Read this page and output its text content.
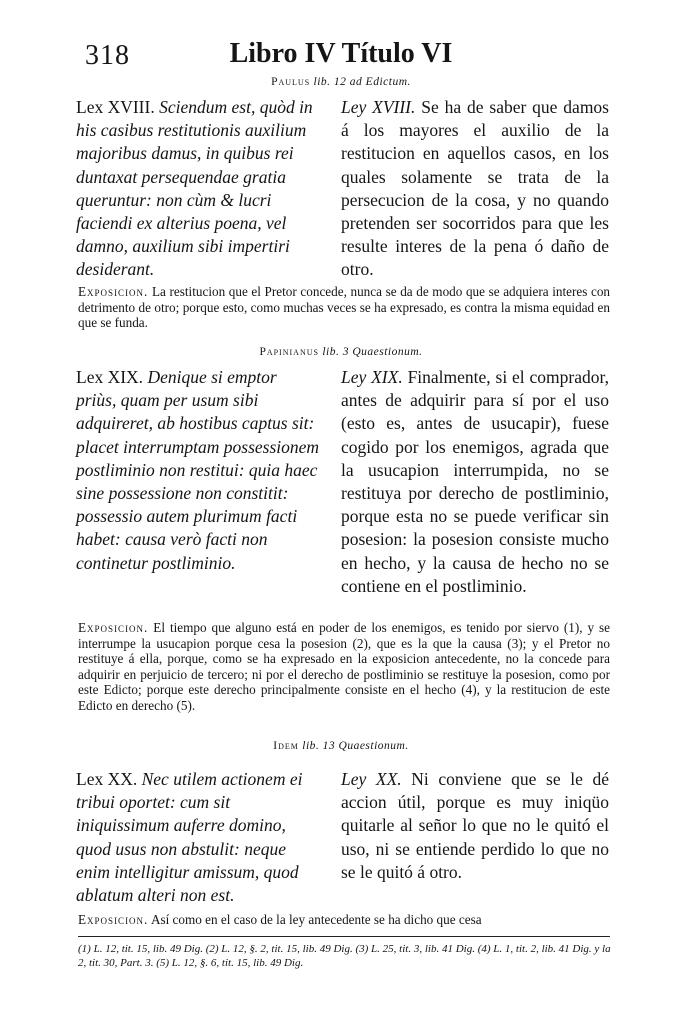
318	Libro IV Título VI
Paulus lib. 12 ad Edictum.

Lex XVIII. Sciendum est, quòd in his casibus restitutionis auxilium majoribus damus, in quibus rei duntaxat persequendae gratia queruntur: non cùm & lucri faciendi ex alterius poena, vel damno, auxilium sibi impertiri desiderant.

Ley XVIII. Se ha de saber que damos á los mayores el auxilio de la restitucion en aquellos casos, en los quales solamente se trata de la persecucion de la cosa, y no quando pretenden ser socorridos para que les resulte interes de la pena ó daño de otro.

Exposicion. La restitucion que el Pretor concede, nunca se da de modo que se adquiera interes con detrimento de otro; porque esto, como muchas veces se ha expresado, es contra la misma equidad en que se funda.

Papinianus lib. 3 Quaestionum.

Lex XIX. Denique si emptor priùs, quam per usum sibi adquireret, ab hostibus captus sit: placet interrumptam possessionem postliminio non restitui: quia haec sine possessione non constitit: possessio autem plurimum facti habet: causa verò facti non continetur postliminio.

Ley XIX. Finalmente, si el comprador, antes de adquirir para sí por el uso (esto es, antes de usucapir), fuese cogido por los enemigos, agrada que la usucapion interrumpida, no se restituya por derecho de postliminio, porque esta no se puede verificar sin posesion: la posesion consiste mucho en hecho, y la causa de hecho no se contiene en el postliminio.

Exposicion. El tiempo que alguno está en poder de los enemigos, es tenido por siervo (1), y se interrumpe la usucapion porque cesa la posesion (2), que es la que la causa (3); y el Pretor no restituye á ella, porque, como se ha expresado en la exposicion antecedente, no la concede para adquirir en perjuicio de tercero; ni por el derecho de postliminio se restituye la posesion, como por este Edicto; porque este derecho principalmente consiste en el hecho (4), y la restitucion de este Edicto en derecho (5).

Idem lib. 13 Quaestionum.

Lex XX. Nec utilem actionem ei tribui oportet: cum sit iniquissimum auferre domino, quod usus non abstulit: neque enim intelligitur amissum, quod ablatum alteri non est.

Ley XX. Ni conviene que se le dé accion útil, porque es muy iniqüo quitarle al señor lo que no le quitó el uso, ni se entiende perdido lo que no se le quitó á otro.

Exposicion. Así como en el caso de la ley antecedente se ha dicho que cesa

(1) L. 12, tit. 15, lib. 49 Dig. (2) L. 12, §. 2, tit. 15, lib. 49 Dig. (3) L. 25, tit. 3, lib. 41 Dig. (4) L. 1, tit. 2, lib. 41 Dig. y la 2, tit. 30, Part. 3. (5) L. 12, §. 6, tit. 15, lib. 49 Dig.
